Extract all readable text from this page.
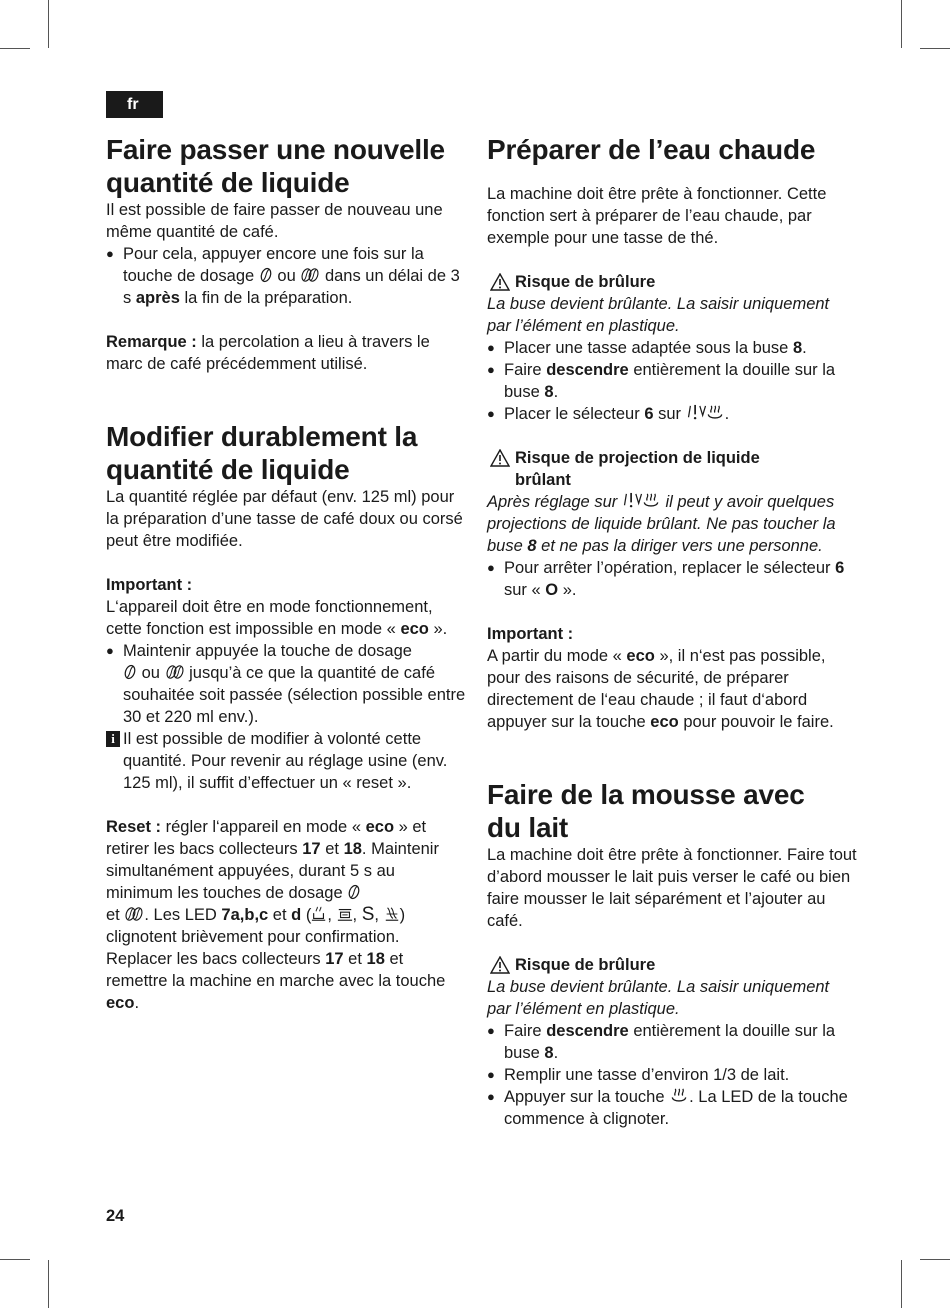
fr
Faire passer une nouvelle
quantité de liquide

Il est possible de faire passer de nouveau une même quantité de café.

● Pour cela, appuyer encore une fois sur la touche de dosage ou dans un délai de 3 s après la fin de la préparation.

Remarque : la percolation a lieu à travers le marc de café précédemment utilisé.

Modifier durablement la
quantité de liquide

La quantité réglée par défaut (env. 125 ml) pour la préparation d’une tasse de café doux ou corsé peut être modifiée.

Important :

L‘appareil doit être en mode fonctionnement, cette fonction est impossible en mode « eco ».

● Maintenir appuyée la touche de dosage
ou jusqu’à ce que la quantité de café souhaitée soit passée (sélection possible entre 30 et 220 ml env.).

i Il est possible de modifier à volonté cette quantité. Pour revenir au réglage usine (env. 125 ml), il suffit d’effectuer un « reset ».

Reset : régler l‘appareil en mode « eco » et retirer les bacs collecteurs 17 et 18. Maintenir simultanément appuyées, durant 5 s au minimum les touches de dosage
et . Les LED 7a,b,c et d ( , , S, ) clignotent brièvement pour confirmation. Replacer les bacs collecteurs 17 et 18 et remettre la machine en marche avec la touche eco.

Préparer de l’eau chaude

La machine doit être prête à fonctionner. Cette fonction sert à préparer de l’eau chaude, par exemple pour une tasse de thé.

Risque de brûlure

La buse devient brûlante. La saisir uniquement par l’élément en plastique.

● Placer une tasse adaptée sous la buse 8.

● Faire descendre entièrement la douille sur la buse 8.

● Placer le sélecteur 6 sur	.

Risque de projection de liquide
brûlant

Après réglage sur	il peut y avoir quelques projections de liquide brûlant. Ne pas toucher la buse 8 et ne pas la diriger vers une personne.

● Pour arrêter l’opération, replacer le sélecteur 6 sur « O ».

Important :

A partir du mode « eco », il n‘est pas possible, pour des raisons de sécurité, de préparer directement de l‘eau chaude ; il faut d‘abord appuyer sur la touche eco pour pouvoir le faire.

Faire de la mousse avec
du lait

La machine doit être prête à fonctionner. Faire tout d’abord mousser le lait puis verser le café ou bien faire mousser le lait séparément et l’ajouter au café.

Risque de brûlure

La buse devient brûlante. La saisir uniquement par l’élément en plastique.

● Faire descendre entièrement la douille sur la buse 8.

● Remplir une tasse d’environ 1/3 de lait.

● Appuyer sur la touche . La LED de la touche commence à clignoter.

24
